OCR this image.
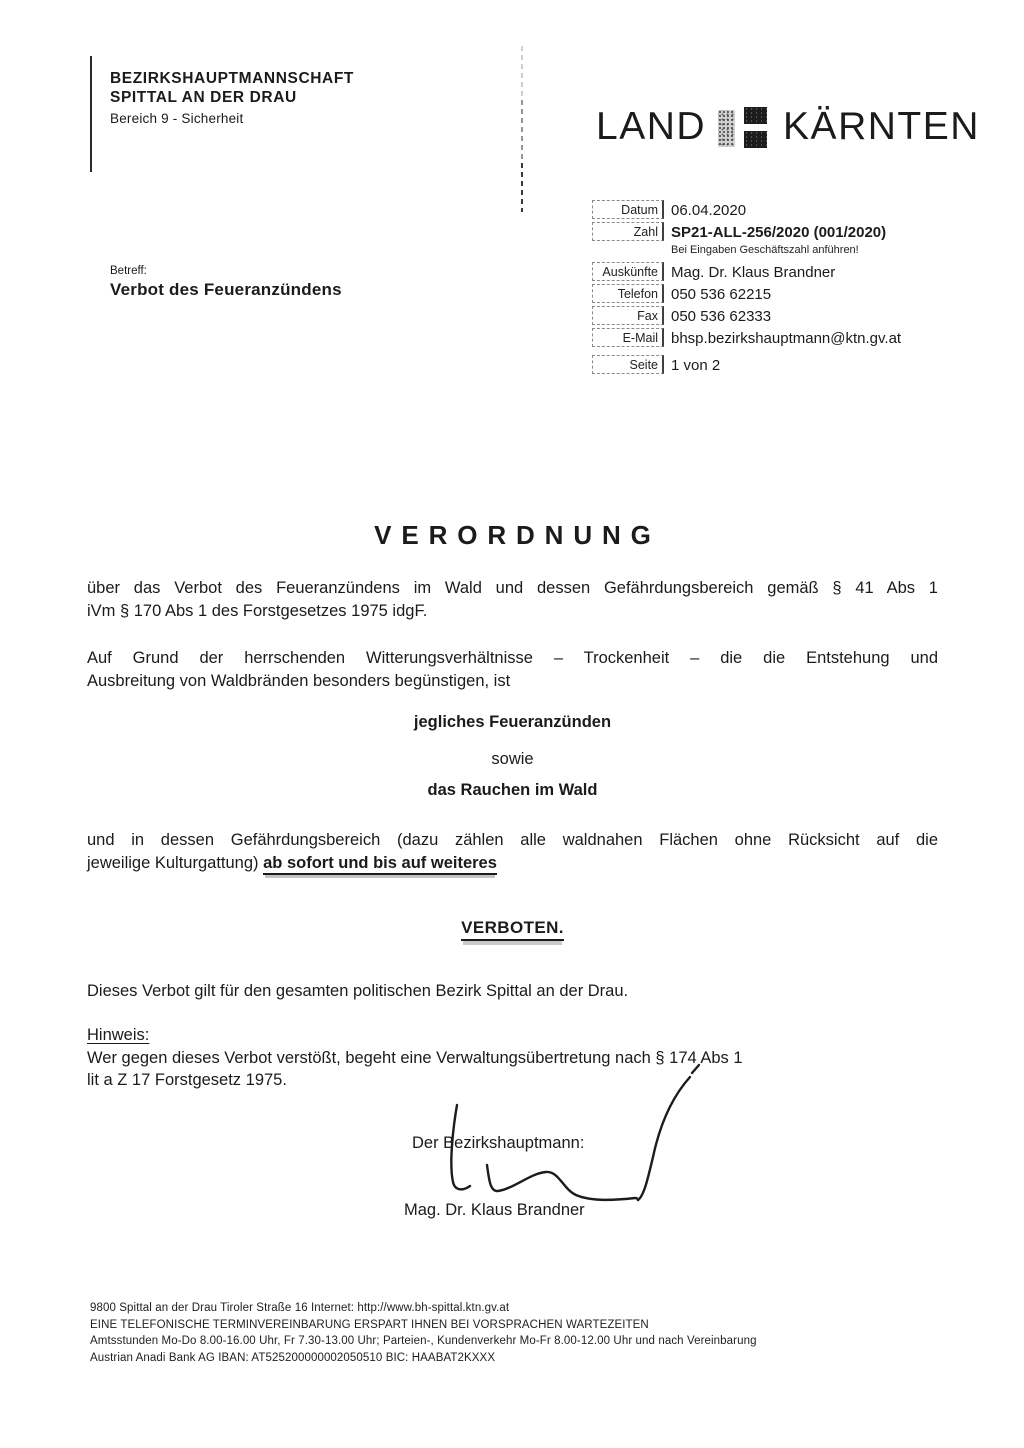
BEZIRKSHAUPTMANNSCHAFT
SPITTAL AN DER DRAU
Bereich 9 - Sicherheit	LAND KÄRNTEN
Betreff:
Verbot des Feueranzündens
Datum 06.04.2020
Zahl SP21-ALL-256/2020 (001/2020)
Bei Eingaben Geschäftszahl anführen!
Auskünfte Mag. Dr. Klaus Brandner
Telefon 050 536 62215
Fax 050 536 62333
E-Mail bhsp.bezirkshauptmann@ktn.gv.at
Seite 1 von 2
VERORDNUNG
über das Verbot des Feueranzündens im Wald und dessen Gefährdungsbereich gemäß § 41 Abs 1
iVm § 170 Abs 1 des Forstgesetzes 1975 idgF.
Auf Grund der herrschenden Witterungsverhältnisse – Trockenheit – die die Entstehung und
Ausbreitung von Waldbränden besonders begünstigen, ist
jegliches Feueranzünden
sowie
das Rauchen im Wald
und in dessen Gefährdungsbereich (dazu zählen alle waldnahen Flächen ohne Rücksicht auf die
jeweilige Kulturgattung) ab sofort und bis auf weiteres
VERBOTEN.
Dieses Verbot gilt für den gesamten politischen Bezirk Spittal an der Drau.
Hinweis:
Wer gegen dieses Verbot verstößt, begeht eine Verwaltungsübertretung nach § 174 Abs 1
lit a Z 17 Forstgesetz 1975.
Der Bezirkshauptmann:
Mag. Dr. Klaus Brandner
9800 Spittal an der Drau Tiroler Straße 16 Internet: http://www.bh-spittal.ktn.gv.at
EINE TELEFONISCHE TERMINVEREINBARUNG ERSPART IHNEN BEI VORSPRACHEN WARTEZEITEN
Amtsstunden Mo-Do 8.00-16.00 Uhr, Fr 7.30-13.00 Uhr; Parteien-, Kundenverkehr Mo-Fr 8.00-12.00 Uhr und nach Vereinbarung
Austrian Anadi Bank AG IBAN: AT525200000002050510 BIC: HAABAT2KXXX
